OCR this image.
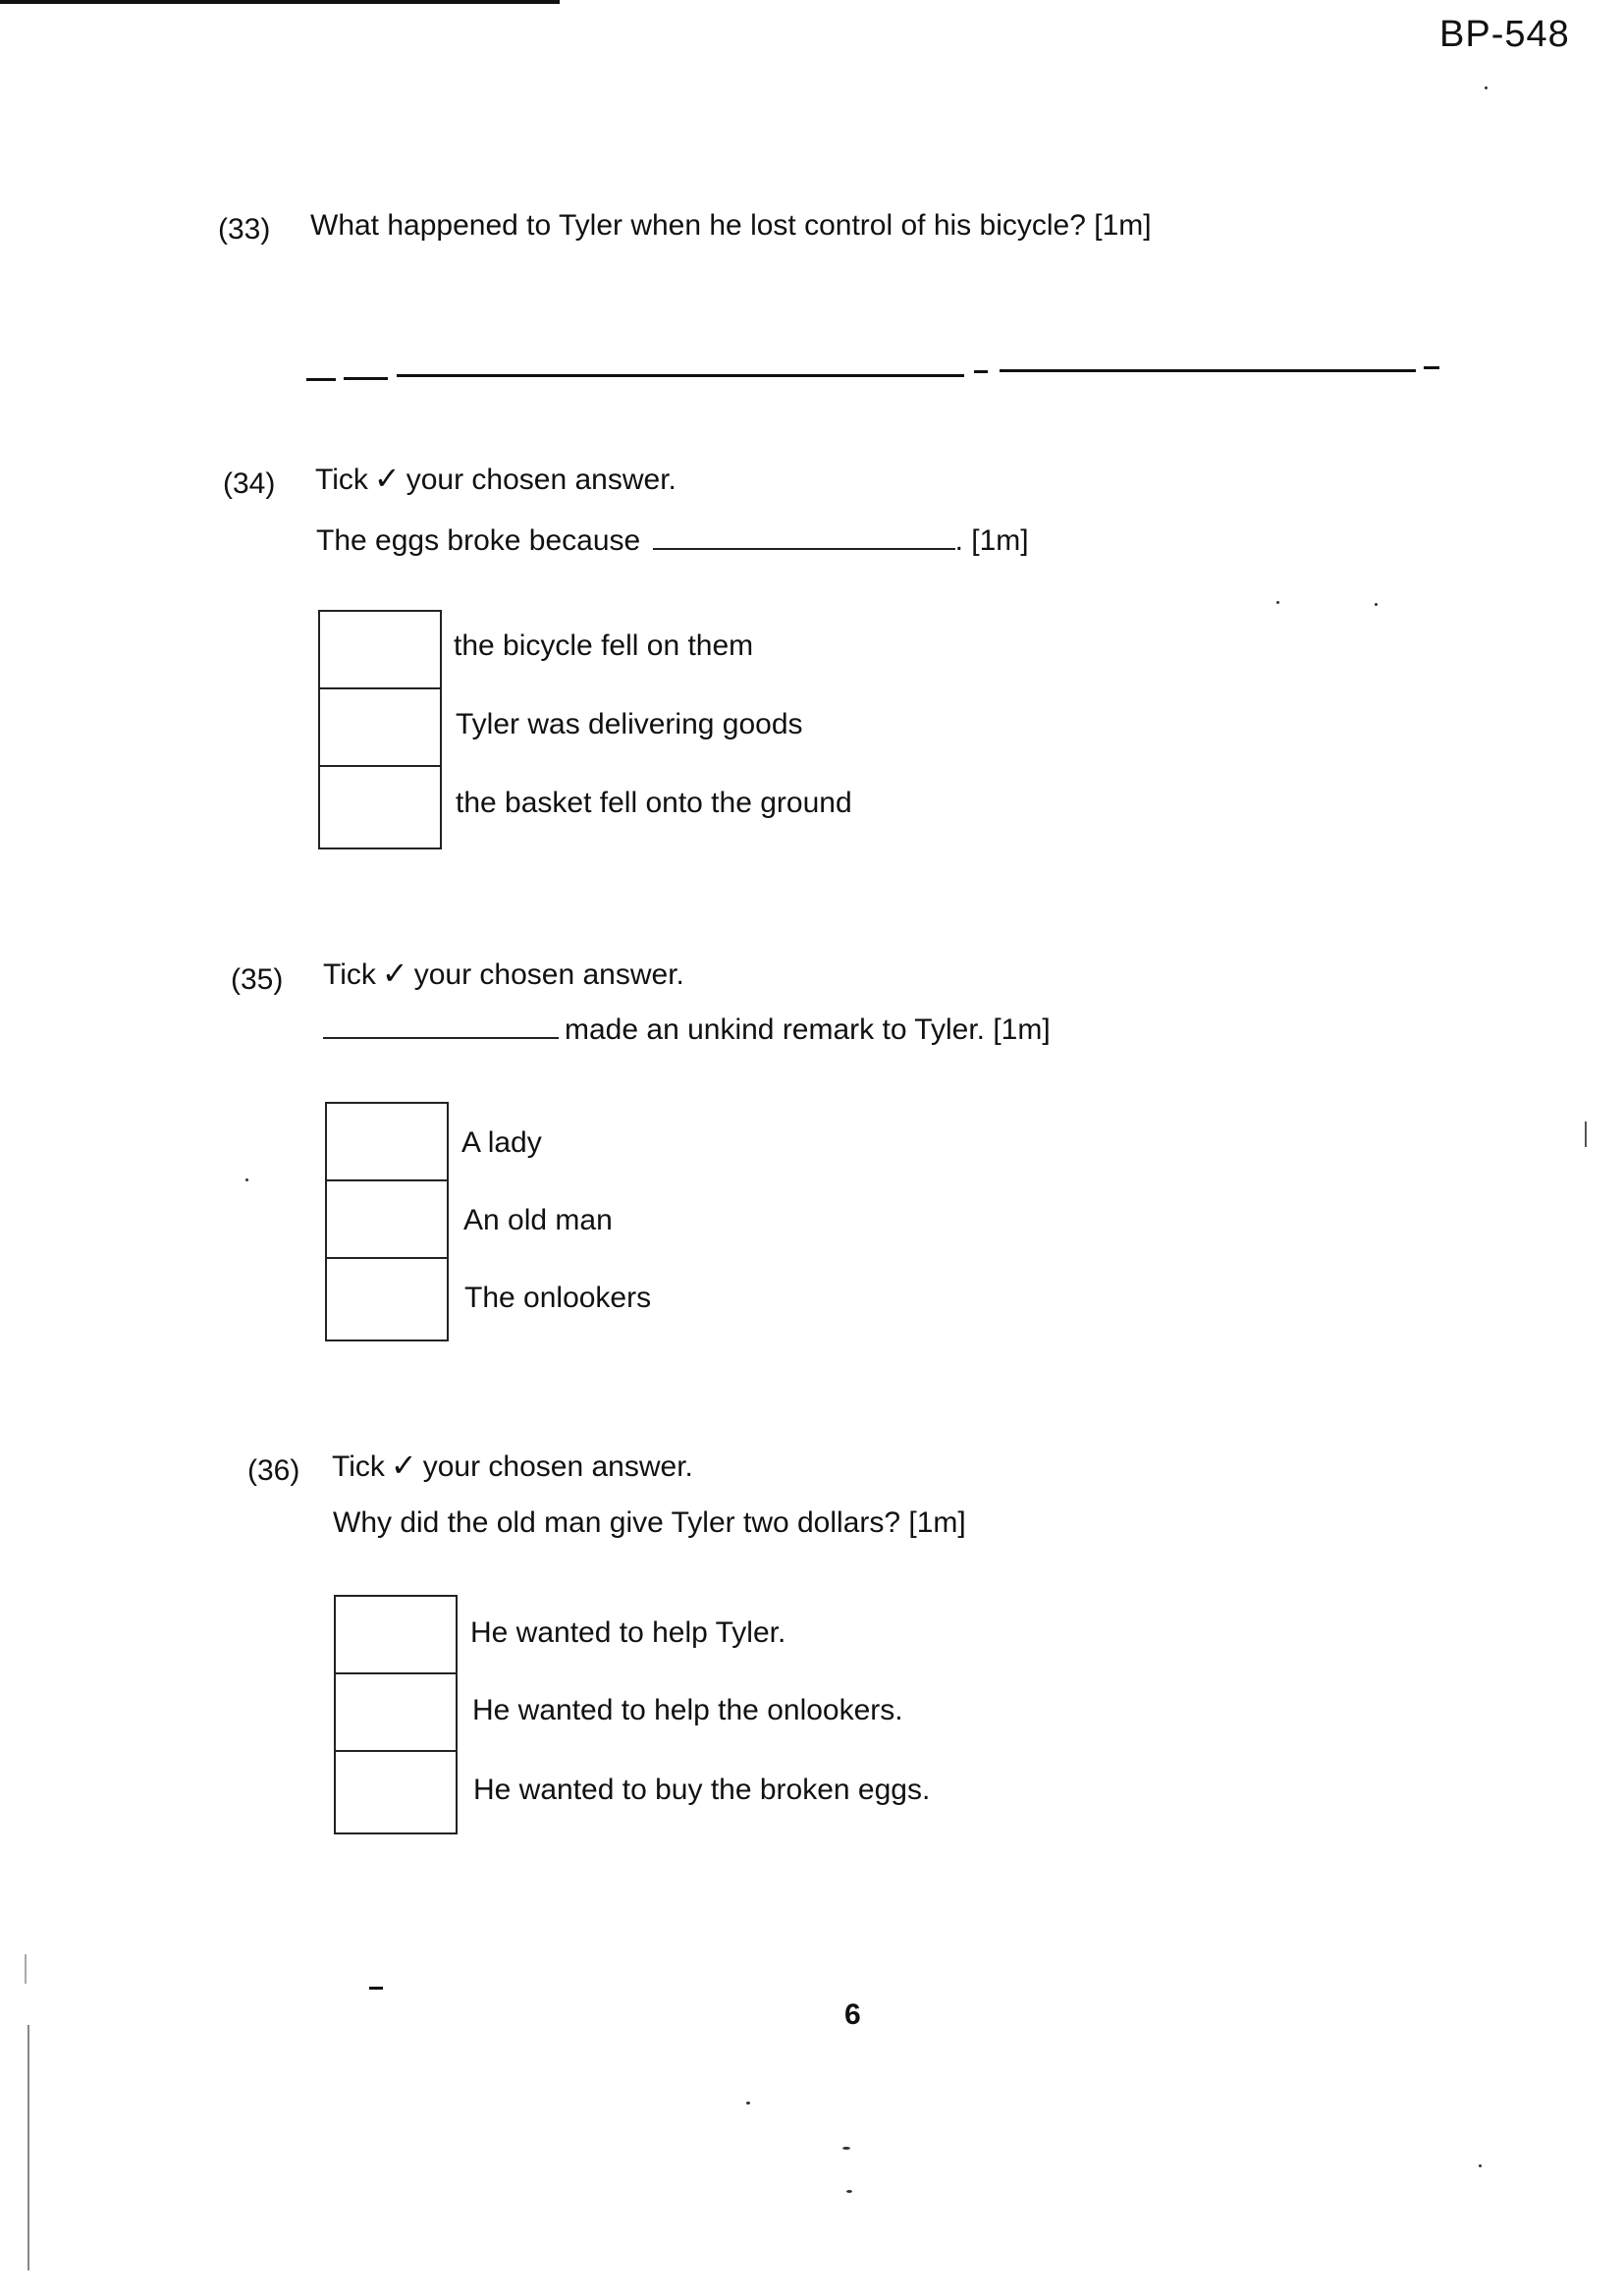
BP-548
(33) What happened to Tyler when he lost control of his bicycle? [1m]
(34) Tick ✓ your chosen answer.
The eggs broke because	. [1m]
the bicycle fell on them
Tyler was delivering goods
the basket fell onto the ground
(35) Tick ✓ your chosen answer.
made an unkind remark to Tyler. [1m]
A lady
An old man
The onlookers
(36) Tick ✓ your chosen answer.
Why did the old man give Tyler two dollars? [1m]
He wanted to help Tyler.
He wanted to help the onlookers.
He wanted to buy the broken eggs.
6
